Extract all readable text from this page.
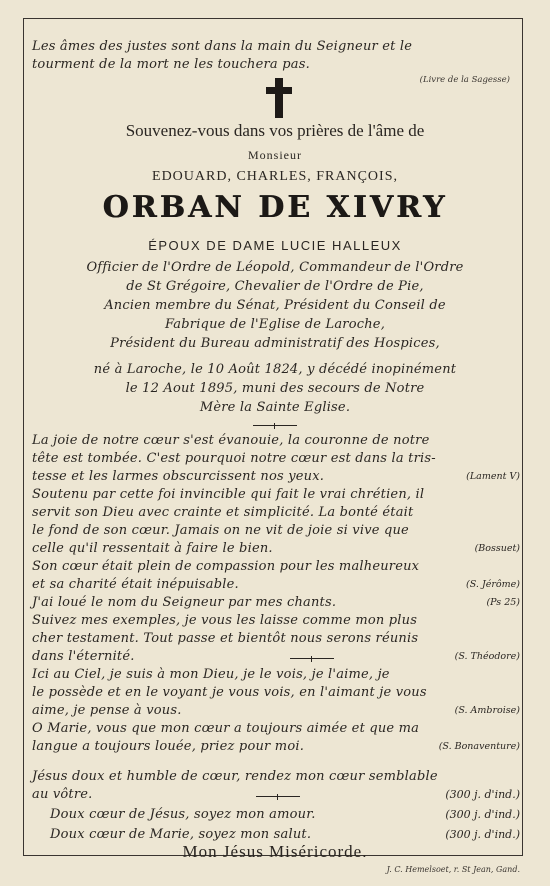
Les âmes des justes sont dans la main du Seigneur et le
tourment de la mort ne les touchera pas.
(Livre de la Sagesse)
Souvenez-vous dans vos prières de l'âme de
Monsieur
EDOUARD, CHARLES, FRANÇOIS,
ORBAN DE XIVRY
ÉPOUX DE DAME LUCIE HALLEUX
Officier de l'Ordre de Léopold, Commandeur de l'Ordre
de St Grégoire, Chevalier de l'Ordre de Pie,
Ancien membre du Sénat, Président du Conseil de
Fabrique de l'Eglise de Laroche,
Président du Bureau administratif des Hospices,
né à Laroche, le 10 Août 1824, y décédé inopinément
le 12 Aout 1895, muni des secours de Notre
Mère la Sainte Eglise.
La joie de notre cœur s'est évanouie, la couronne de notre
tête est tombée. C'est pourquoi notre cœur est dans la tris-
tesse et les larmes obscurcissent nos yeux.	(Lament V)
Soutenu par cette foi invincible qui fait le vrai chrétien, il
servit son Dieu avec crainte et simplicité. La bonté était
le fond de son cœur. Jamais on ne vit de joie si vive que
celle qu'il ressentait à faire le bien.	(Bossuet)
Son cœur était plein de compassion pour les malheureux
et sa charité était inépuisable.	(S. Jérôme)
J'ai loué le nom du Seigneur par mes chants.	(Ps 25)
Suivez mes exemples, je vous les laisse comme mon plus
cher testament. Tout passe et bientôt nous serons réunis
dans l'éternité.	(S. Théodore)
Ici au Ciel, je suis à mon Dieu, je le vois, je l'aime, je
le possède et en le voyant je vous vois, en l'aimant je vous
aime, je pense à vous.	(S. Ambroise)
O Marie, vous que mon cœur a toujours aimée et que ma
langue a toujours louée, priez pour moi.	(S. Bonaventure)
Jésus doux et humble de cœur, rendez mon cœur semblable
au vôtre.	(300 j. d'ind.)
Doux cœur de Jésus, soyez mon amour.	(300 j. d'ind.)
Doux cœur de Marie, soyez mon salut.	(300 j. d'ind.)
Mon Jésus Miséricorde.
J. C. Hemelsoet, r. St Jean, Gand.
